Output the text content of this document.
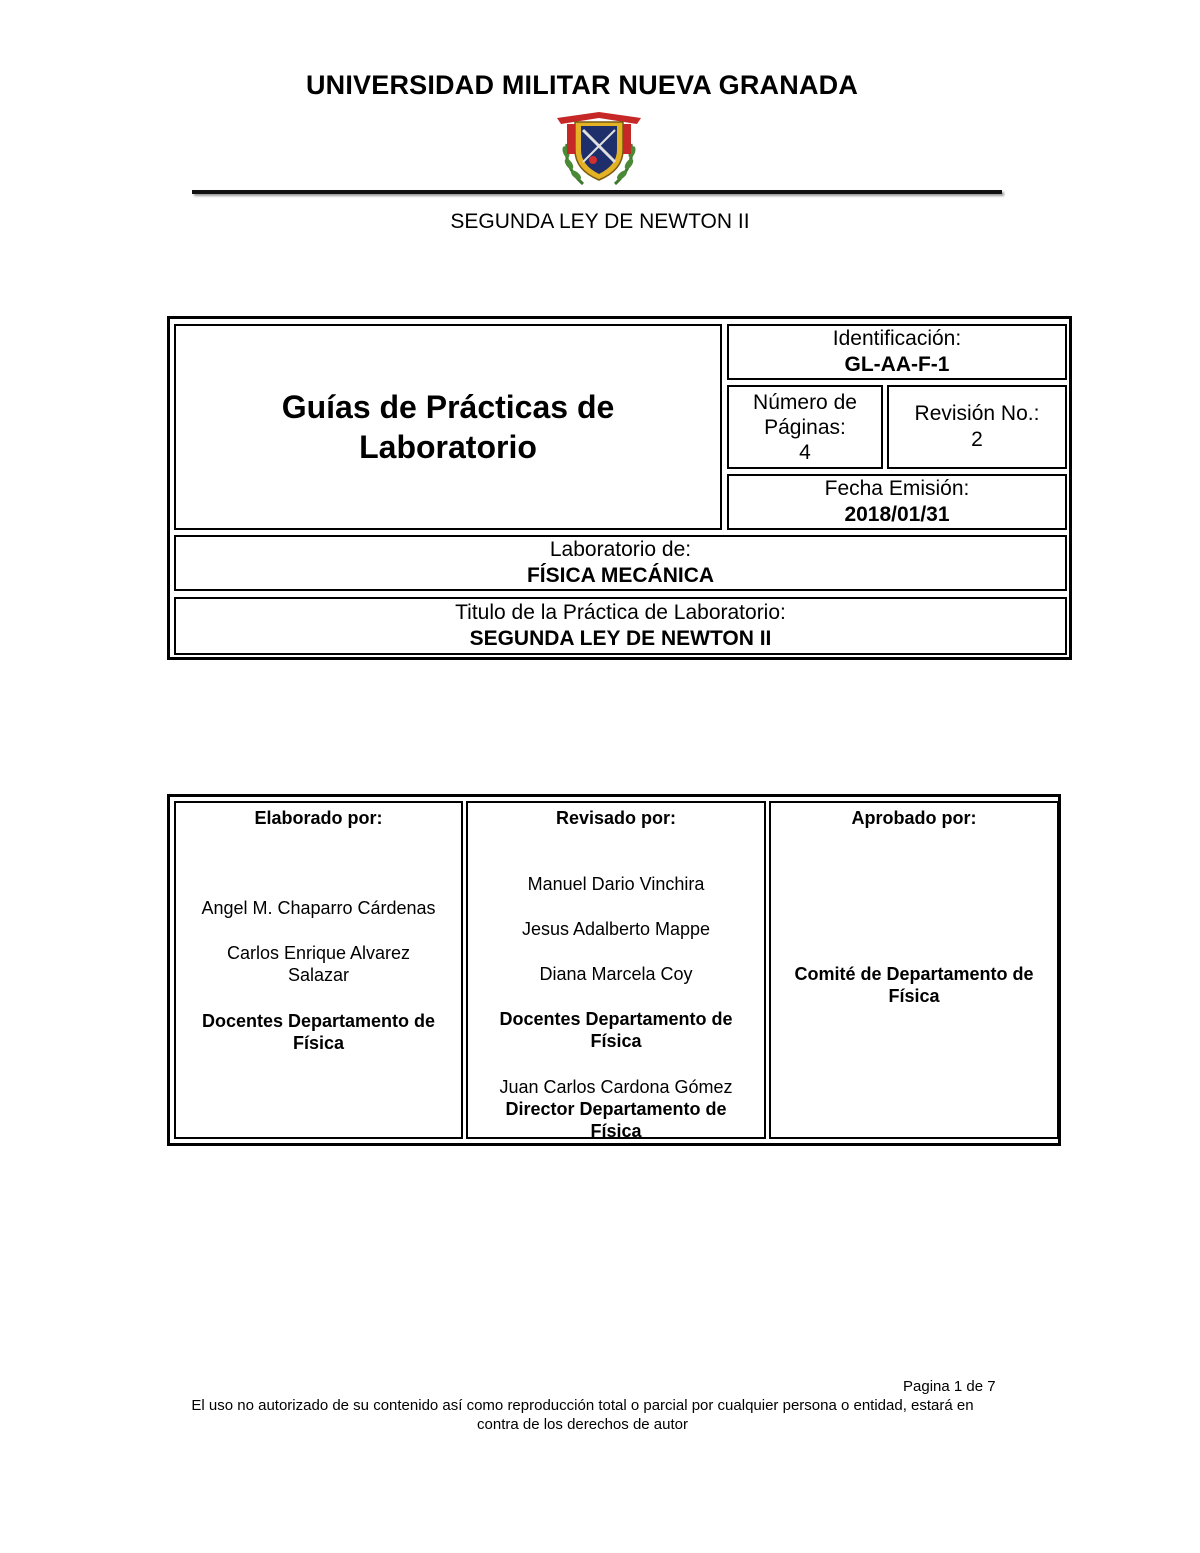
UNIVERSIDAD MILITAR NUEVA GRANADA
SEGUNDA LEY DE NEWTON II
Guías de Prácticas de
Laboratorio
Identificación:
GL-AA-F-1
Número de
Páginas:
4
Revisión No.:
2
Fecha Emisión:
2018/01/31
Laboratorio de:
FÍSICA MECÁNICA
Titulo de la Práctica de Laboratorio:
SEGUNDA LEY DE NEWTON II
Elaborado por:
Angel M. Chaparro Cárdenas
Carlos Enrique Alvarez
Salazar
Docentes Departamento de
Física
Revisado por:
Manuel Dario Vinchira
Jesus Adalberto Mappe
Diana Marcela Coy
Docentes Departamento de
Física
Juan Carlos Cardona Gómez
Director Departamento de
Física
Aprobado por:
Comité de Departamento de
Física
Pagina 1 de 7
El uso no autorizado de su contenido así como reproducción total o parcial por cualquier persona o entidad, estará en
contra de los derechos de autor
